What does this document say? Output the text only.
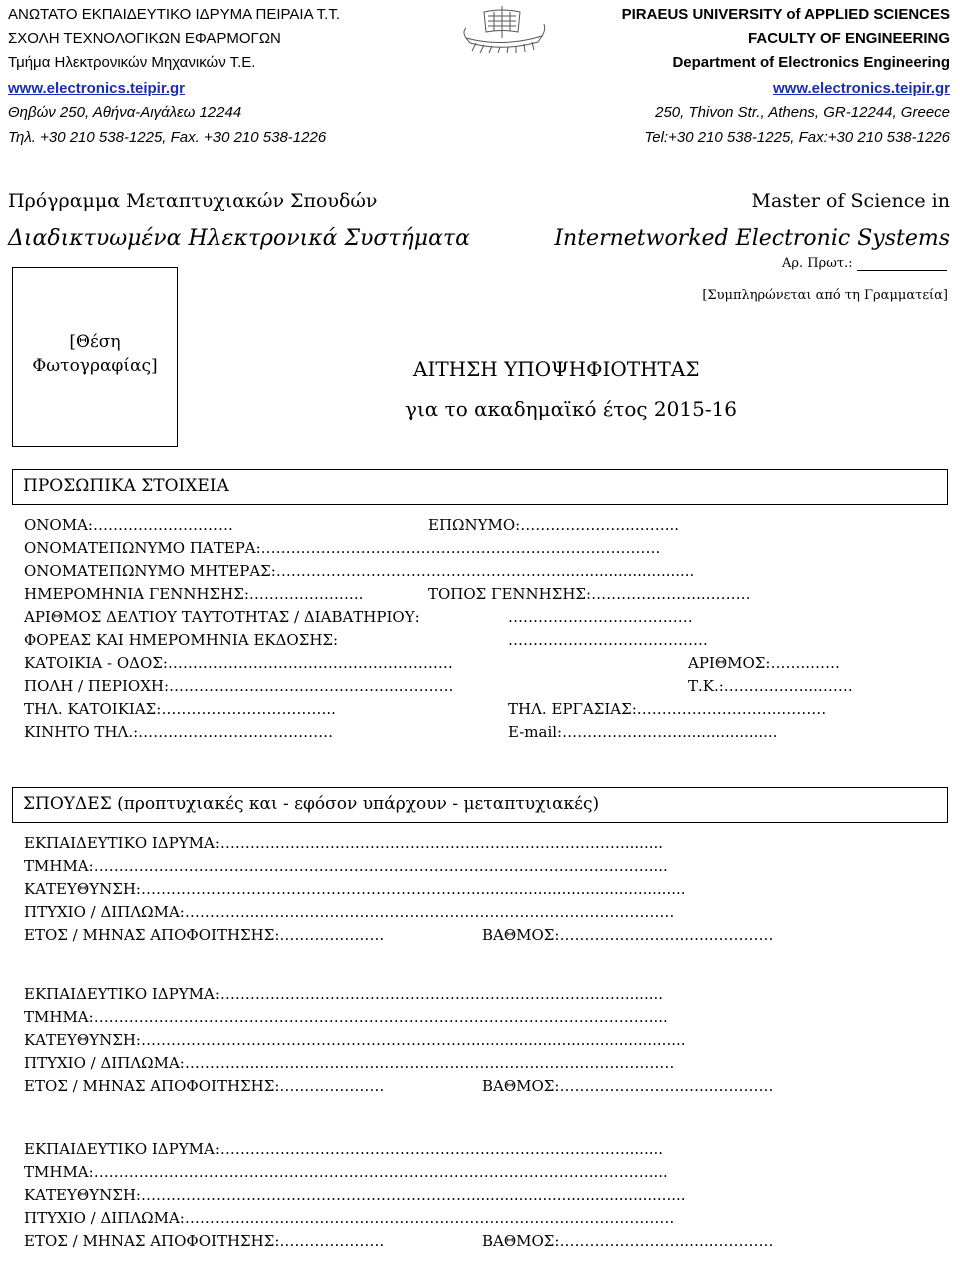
ΑΝΩΤΑΤΟ ΕΚΠΑΙΔΕΥΤΙΚΟ ΙΔΡΥΜΑ ΠΕΙΡΑΙΑ Τ.Τ.
ΣΧΟΛΗ ΤΕΧΝΟΛΟΓΙΚΩΝ ΕΦΑΡΜΟΓΩΝ
Τμήμα Ηλεκτρονικών Μηχανικών Τ.Ε.
www.electronics.teipir.gr
Θηβών 250, Αθήνα-Αιγάλεω 12244
Τηλ. +30 210 538-1225, Fax. +30 210 538-1226
PIRAEUS UNIVERSITY of APPLIED SCIENCES
FACULTY OF ENGINEERING
Department of Electronics Engineering
www.electronics.teipir.gr
250, Thivon Str., Athens, GR-12244, Greece
Tel:+30 210 538-1225, Fax:+30 210 538-1226
Πρόγραμμα Μεταπτυχιακών Σπουδών
Διαδικτυωμένα Ηλεκτρονικά Συστήματα
Master of Science in
Internetworked Electronic Systems
Αρ. Πρωτ.:
[Συμπληρώνεται από τη Γραμματεία]
[Θέση
Φωτογραφίας]	ΑΙΤΗΣΗ ΥΠΟΨΗΦΙΟΤΗΤΑΣ
για το ακαδημαϊκό έτος 2015-16
ΠΡΟΣΩΠΙΚΑ ΣΤΟΙΧΕΙΑ
ΟΝΟΜΑ:……………………….	ΕΠΩΝΥΜΟ:…………………..……...
ΟΝΟΜΑΤΕΠΩΝΥΜΟ ΠΑΤΕΡΑ:…………………………………………………….……………….
ΟΝΟΜΑΤΕΠΩΝΥΜΟ ΜΗΤΕΡΑΣ:…………………………………………………............................
ΗΜΕΡΟΜΗΝΙΑ ΓΕΝΝΗΣΗΣ:…………………..	ΤΟΠΟΣ ΓΕΝΝΗΣΗΣ:…………………..………
ΑΡΙΘΜΟΣ ΔΕΛΤΙΟΥ ΤΑΥΤΟΤΗΤΑΣ / ΔΙΑΒΑΤΗΡΙΟΥ:	…………………….…………
ΦΟΡΕΑΣ ΚΑΙ ΗΜΕΡΟΜΗΝΙΑ ΕΚΔΟΣΗΣ:	………………………………….
ΚΑΤΟΙΚΙΑ - ΟΔΟΣ:…………………………………………………	ΑΡΙΘΜΟΣ:……..……
ΠΟΛΗ / ΠΕΡΙΟΧΗ:………………………………………..……….	Τ.Κ.:………….…...…….
ΤΗΛ. ΚΑΤΟΙΚΙΑΣ:……………………………..	ΤΗΛ. ΕΡΓΑΣΙΑΣ:………………………..………
ΚΙΝΗΤΟ ΤΗΛ.:…………………………………	E-mail:……………………....................
ΣΠΟΥΔΕΣ (προπτυχιακές και - εφόσον υπάρχουν - μεταπτυχιακές)
ΕΚΠΑΙΔΕΥΤΙΚΟ ΙΔΡΥΜΑ:………………………………………………………………………........
ΤΜΗΜΑ:…………………………………………………………………………………………………....
ΚΑΤΕΥΘΥΝΣΗ:………………………………………………………….............................................
ΠΤΥΧΙΟ / ΔΙΠΛΩΜΑ:…………..…………………………………………………………………………
ΕΤΟΣ / ΜΗΝΑΣ ΑΠΟΦΟΙΤΗΣΗΣ:…………………	ΒΑΘΜΟΣ:……………………..…..…………
ΕΚΠΑΙΔΕΥΤΙΚΟ ΙΔΡΥΜΑ:………………………………………………………………………........
ΤΜΗΜΑ:…………………………………………………………………………………………………....
ΚΑΤΕΥΘΥΝΣΗ:………………………………………………………….............................................
ΠΤΥΧΙΟ / ΔΙΠΛΩΜΑ:…………..…………………………………………………………………………
ΕΤΟΣ / ΜΗΝΑΣ ΑΠΟΦΟΙΤΗΣΗΣ:…………………	ΒΑΘΜΟΣ:……………………..…..…………
ΕΚΠΑΙΔΕΥΤΙΚΟ ΙΔΡΥΜΑ:………………………………………………………………………........
ΤΜΗΜΑ:…………………………………………………………………………………………………....
ΚΑΤΕΥΘΥΝΣΗ:………………………………………………………….............................................
ΠΤΥΧΙΟ / ΔΙΠΛΩΜΑ:…………..…………………………………………………………………………
ΕΤΟΣ / ΜΗΝΑΣ ΑΠΟΦΟΙΤΗΣΗΣ:…………………	ΒΑΘΜΟΣ:……………………..…..…………
